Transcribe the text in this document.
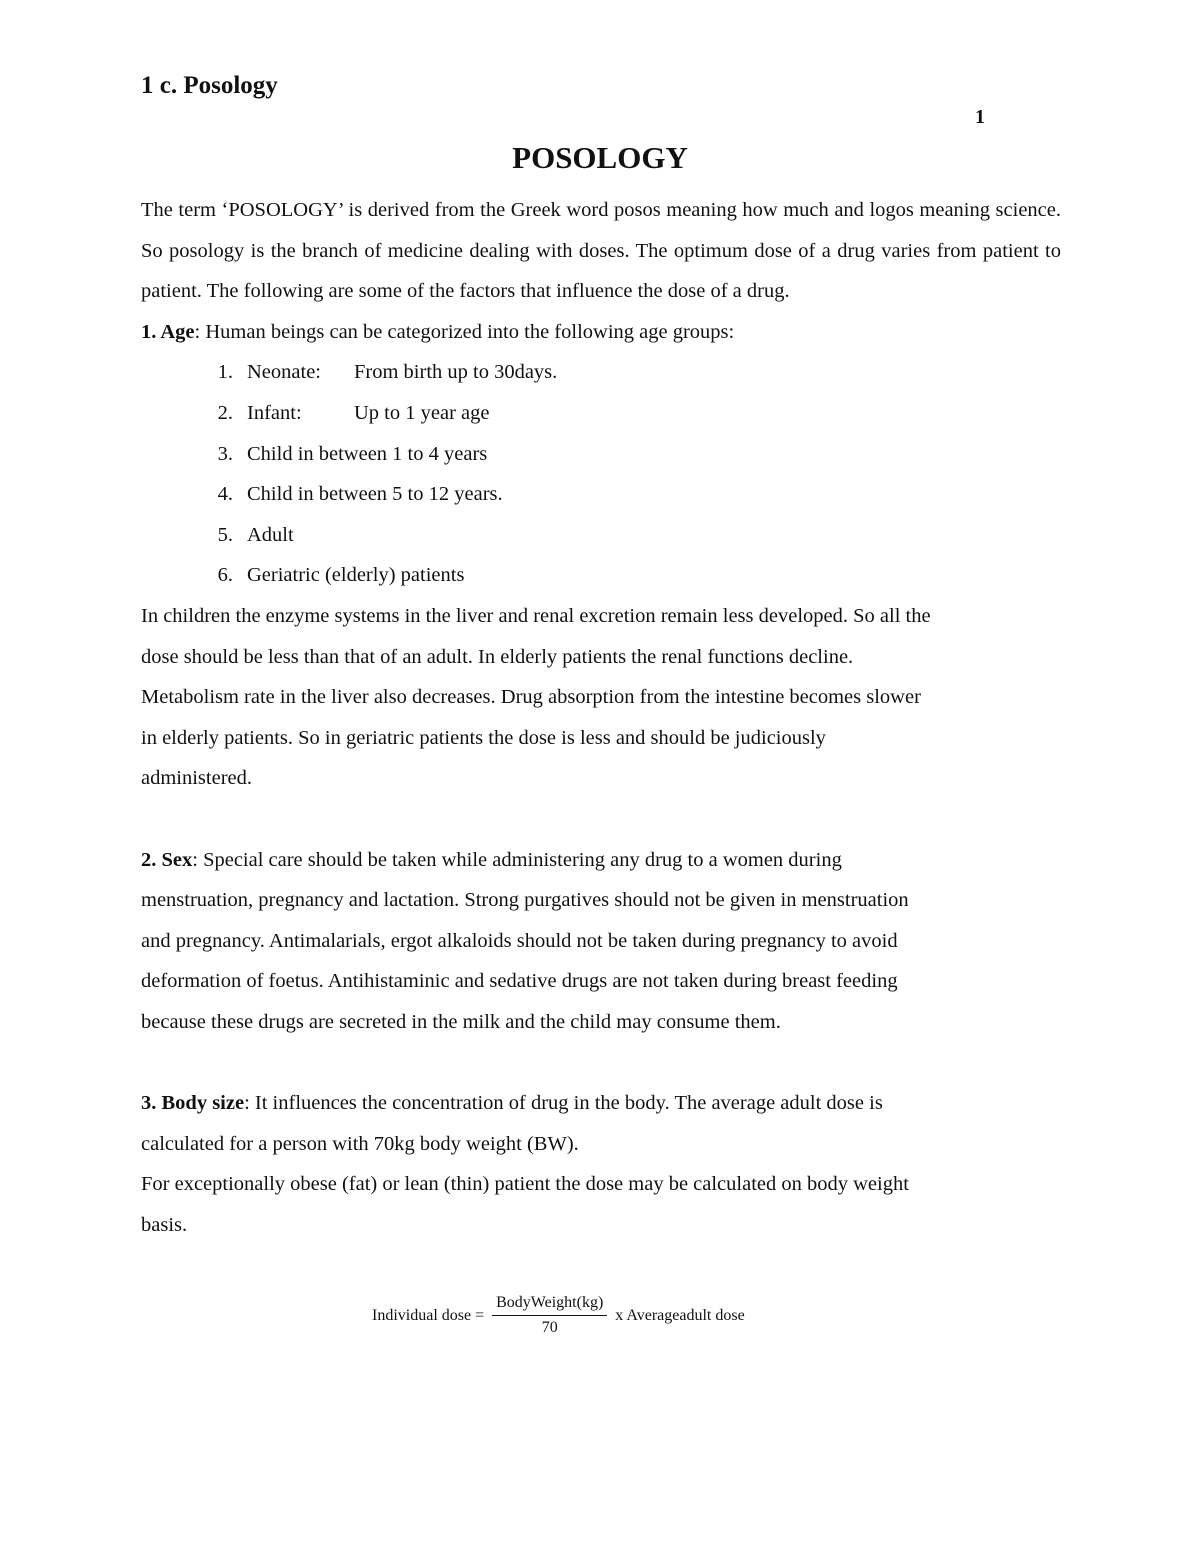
1 c. Posology
1
POSOLOGY

The term ‘POSOLOGY’ is derived from the Greek word posos meaning how much and logos meaning science. So posology is the branch of medicine dealing with doses. The optimum dose of a drug varies from patient to patient. The following are some of the factors that influence the dose of a drug.

1. Age: Human beings can be categorized into the following age groups:

1. Neonate:	From birth up to 30days.
2. Infant:	Up to 1 year age
3. Child in between 1 to 4 years
4. Child in between 5 to 12 years.
5. Adult
6. Geriatric (elderly) patients

In children the enzyme systems in the liver and renal excretion remain less developed. So all the

dose should be less than that of an adult. In elderly patients the renal functions decline.

Metabolism rate in the liver also decreases. Drug absorption from the intestine becomes slower

in elderly patients. So in geriatric patients the dose is less and should be judiciously

administered.

2. Sex: Special care should be taken while administering any drug to a women during

menstruation, pregnancy and lactation. Strong purgatives should not be given in menstruation

and pregnancy. Antimalarials, ergot alkaloids should not be taken during pregnancy to avoid

deformation of foetus. Antihistaminic and sedative drugs are not taken during breast feeding

because these drugs are secreted in the milk and the child may consume them.

3. Body size: It influences the concentration of drug in the body. The average adult dose is

calculated for a person with 70kg body weight (BW).

For exceptionally obese (fat) or lean (thin) patient the dose may be calculated on body weight

basis.

Individual dose = $\frac{\text{BodyWeight(kg)}}{70}$ x Averageadult dose
